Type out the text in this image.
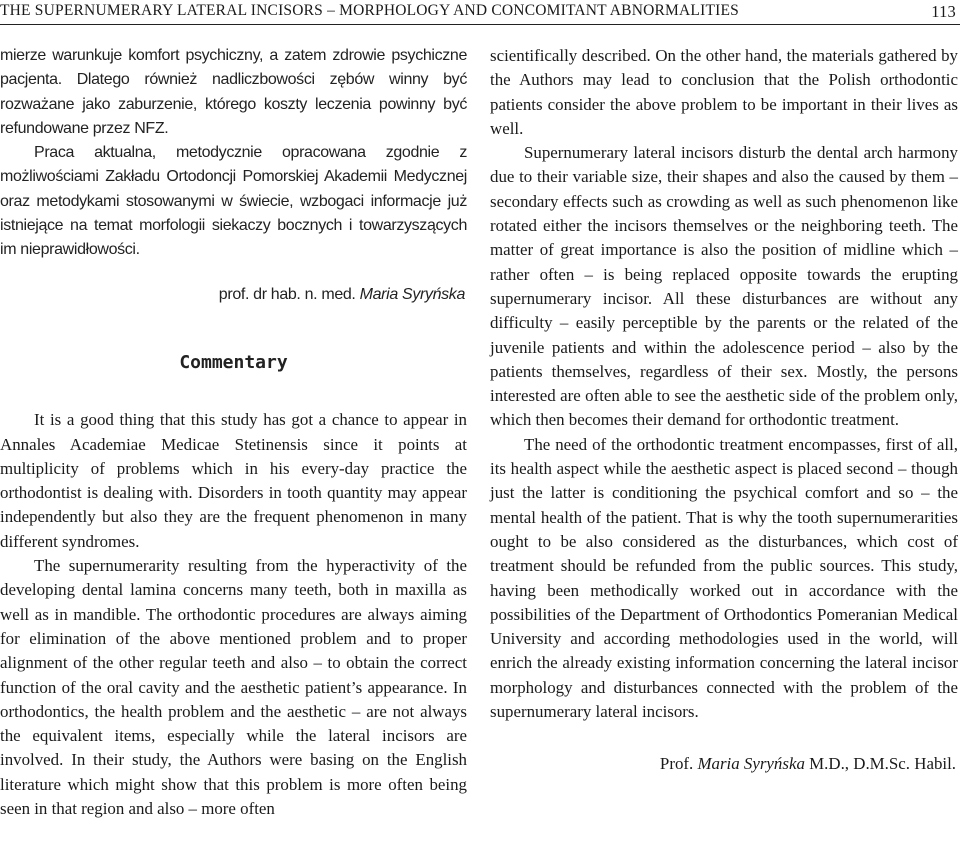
THE SUPERNUMERARY LATERAL INCISORS – MORPHOLOGY AND CONCOMITANT ABNORMALITIES	113

mierze warunkuje komfort psychiczny, a zatem zdrowie psychiczne pacjenta. Dlatego również nadliczbowości zębów winny być rozważane jako zaburzenie, którego koszty leczenia powinny być refundowane przez NFZ.

Praca aktualna, metodycznie opracowana zgodnie z możliwościami Zakładu Ortodoncji Pomorskiej Akademii Medycznej oraz metodykami stosowanymi w świecie, wzbogaci informacje już istniejące na temat morfologii siekaczy bocznych i towarzyszących im nieprawidłowości.

prof. dr hab. n. med. Maria Syryńska

Commentary

It is a good thing that this study has got a chance to appear in Annales Academiae Medicae Stetinensis since it points at multiplicity of problems which in his every-day practice the orthodontist is dealing with. Disorders in tooth quantity may appear independently but also they are the frequent phenomenon in many different syndromes.

The supernumerarity resulting from the hyperactivity of the developing dental lamina concerns many teeth, both in maxilla as well as in mandible. The orthodontic procedures are always aiming for elimination of the above mentioned problem and to proper alignment of the other regular teeth and also – to obtain the correct function of the oral cavity and the aesthetic patient’s appearance. In orthodontics, the health problem and the aesthetic – are not always the equivalent items, especially while the lateral incisors are involved. In their study, the Authors were basing on the English literature which might show that this problem is more often being seen in that region and also – more often

scientifically described. On the other hand, the materials gathered by the Authors may lead to conclusion that the Polish orthodontic patients consider the above problem to be important in their lives as well.

Supernumerary lateral incisors disturb the dental arch harmony due to their variable size, their shapes and also the caused by them – secondary effects such as crowding as well as such phenomenon like rotated either the incisors themselves or the neighboring teeth. The matter of great importance is also the position of midline which – rather often – is being replaced opposite towards the erupting supernumerary incisor. All these disturbances are without any difficulty – easily perceptible by the parents or the related of the juvenile patients and within the adolescence period – also by the patients themselves, regardless of their sex. Mostly, the persons interested are often able to see the aesthetic side of the problem only, which then becomes their demand for orthodontic treatment.

The need of the orthodontic treatment encompasses, first of all, its health aspect while the aesthetic aspect is placed second – though just the latter is conditioning the psychical comfort and so – the mental health of the patient. That is why the tooth supernumerarities ought to be also considered as the disturbances, which cost of treatment should be refunded from the public sources. This study, having been methodically worked out in accordance with the possibilities of the Department of Orthodontics Pomeranian Medical University and according methodologies used in the world, will enrich the already existing information concerning the lateral incisor morphology and disturbances connected with the problem of the supernumerary lateral incisors.

Prof. Maria Syryńska M.D., D.M.Sc. Habil.
